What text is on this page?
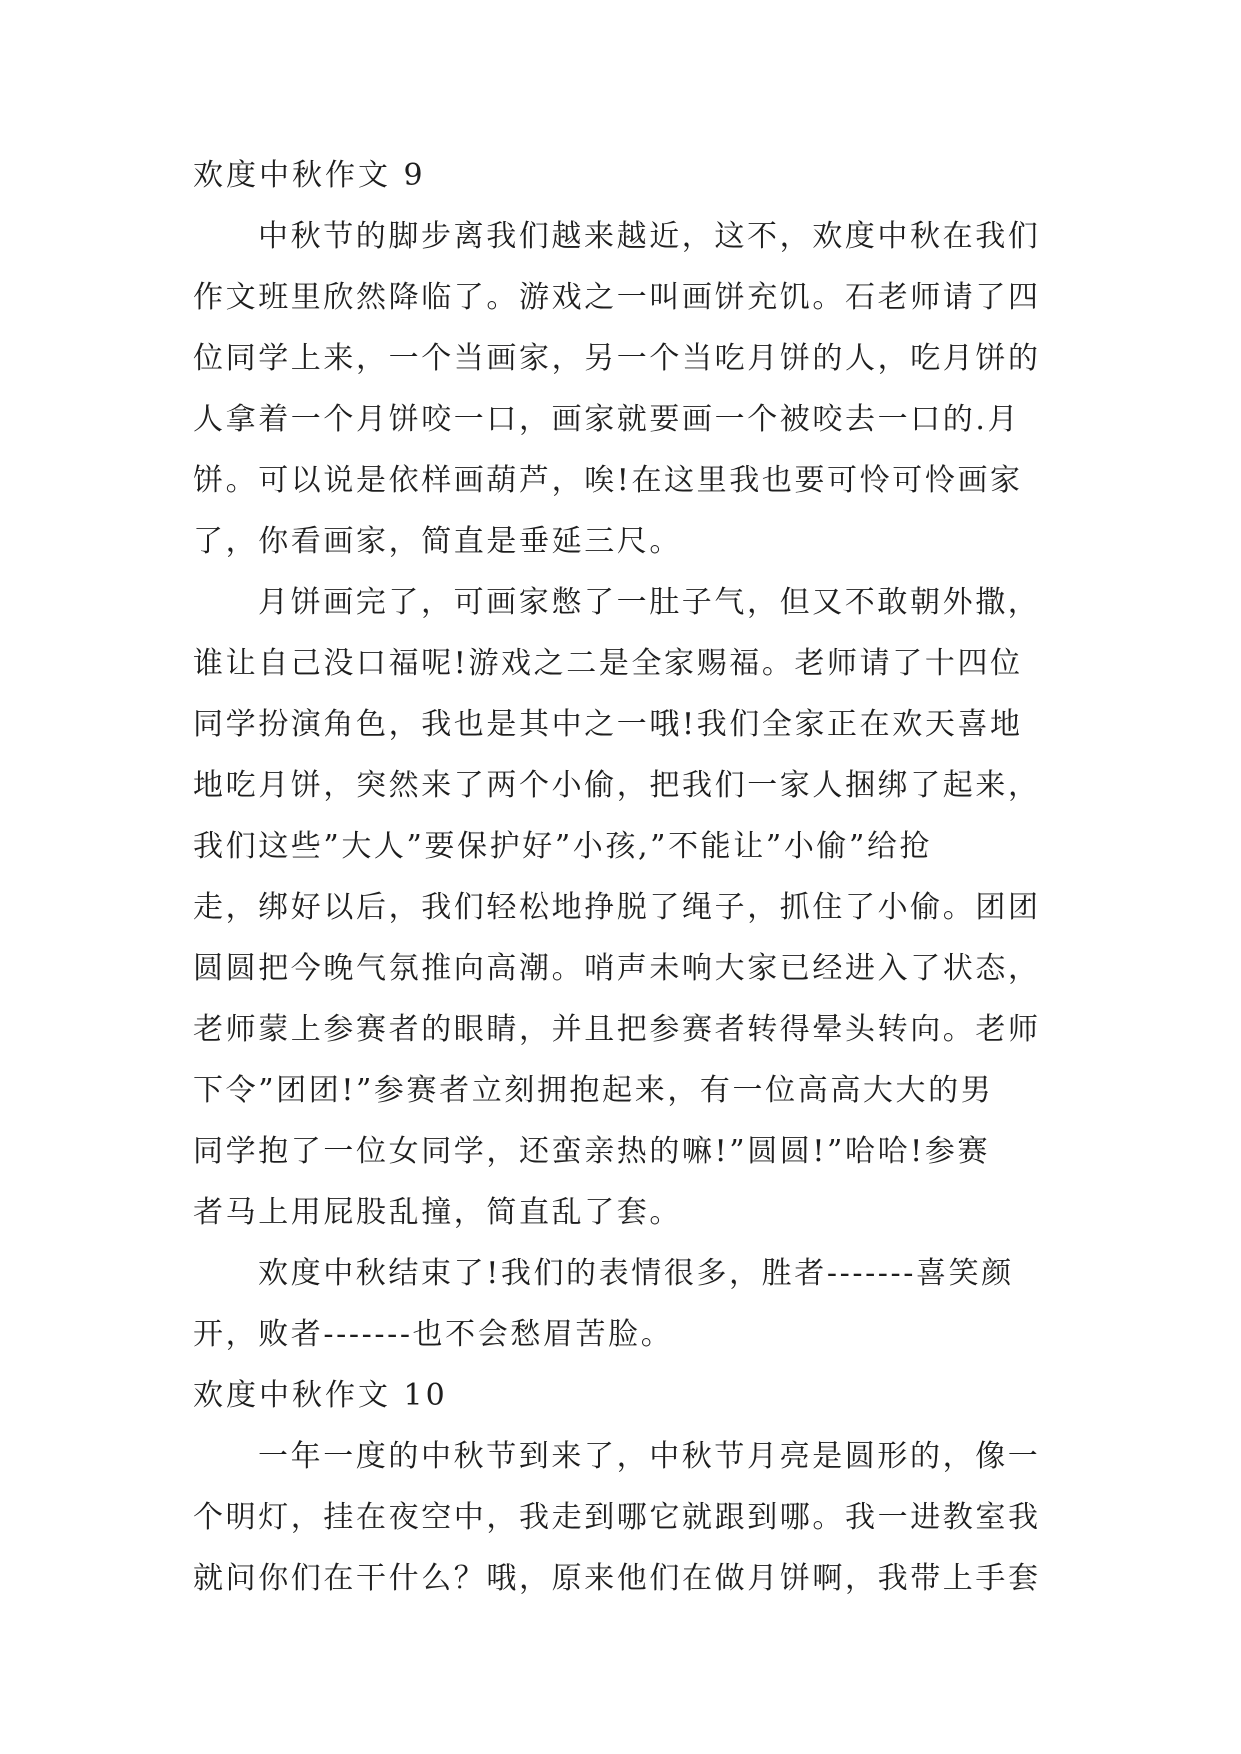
欢度中秋作文 9
中秋节的脚步离我们越来越近，这不，欢度中秋在我们
作文班里欣然降临了。游戏之一叫画饼充饥。石老师请了四
位同学上来，一个当画家，另一个当吃月饼的人，吃月饼的
人拿着一个月饼咬一口，画家就要画一个被咬去一口的.月
饼。可以说是依样画葫芦，唉!在这里我也要可怜可怜画家
了，你看画家，简直是垂延三尺。
月饼画完了，可画家憋了一肚子气，但又不敢朝外撒，
谁让自己没口福呢!游戏之二是全家赐福。老师请了十四位
同学扮演角色，我也是其中之一哦!我们全家正在欢天喜地
地吃月饼，突然来了两个小偷，把我们一家人捆绑了起来，
我们这些”大人”要保护好”小孩,”不能让”小偷”给抢
走，绑好以后，我们轻松地挣脱了绳子，抓住了小偷。团团
圆圆把今晚气氛推向高潮。哨声未响大家已经进入了状态，
老师蒙上参赛者的眼睛，并且把参赛者转得晕头转向。老师
下令”团团!”参赛者立刻拥抱起来，有一位高高大大的男
同学抱了一位女同学，还蛮亲热的嘛!”圆圆!”哈哈!参赛
者马上用屁股乱撞，简直乱了套。
欢度中秋结束了!我们的表情很多，胜者-------喜笑颜
开，败者-------也不会愁眉苦脸。
欢度中秋作文 10
一年一度的中秋节到来了，中秋节月亮是圆形的，像一
个明灯，挂在夜空中，我走到哪它就跟到哪。我一进教室我
就问你们在干什么？哦，原来他们在做月饼啊，我带上手套
